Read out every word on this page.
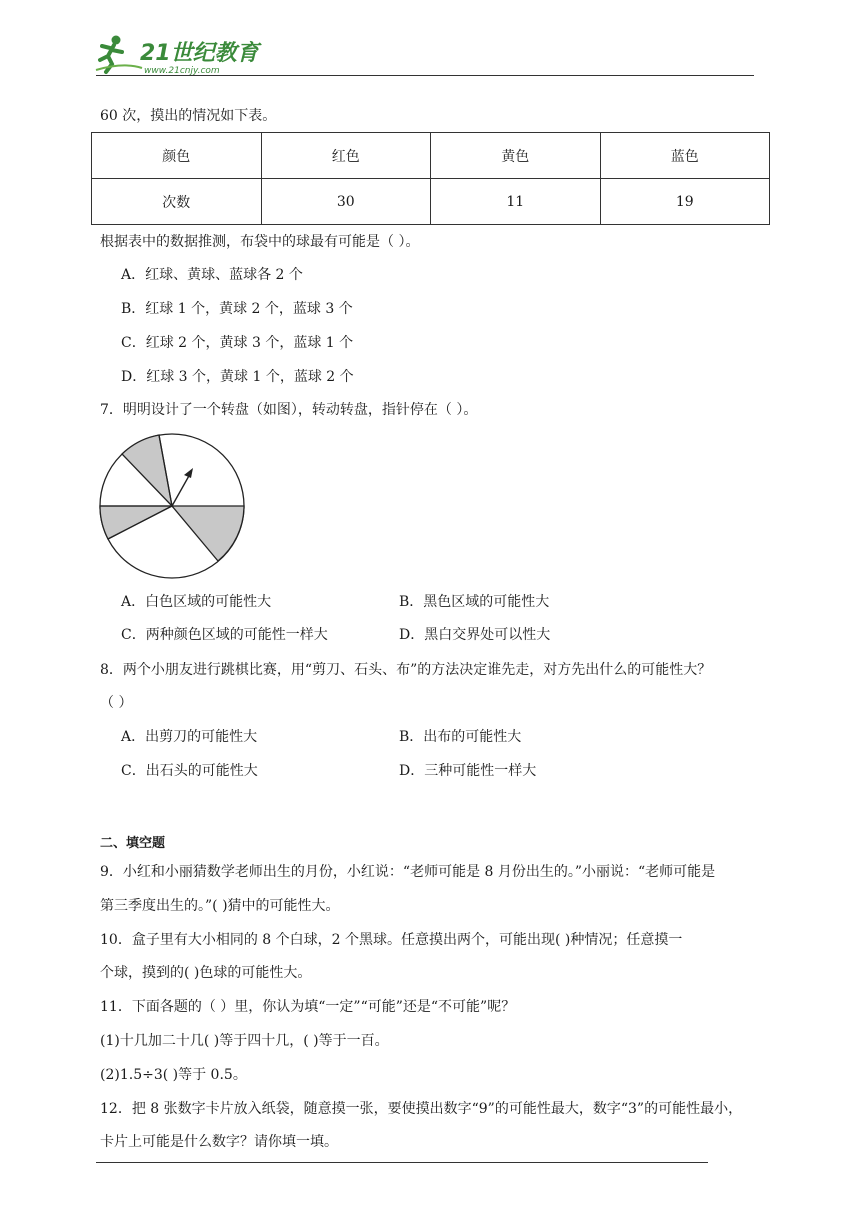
21世纪教育
www.21cnjy.com
60 次，摸出的情况如下表。
颜色	红色	黄色	蓝色
次数	30	11	19
根据表中的数据推测，布袋中的球最有可能是（ ）。
A．红球、黄球、蓝球各 2 个
B．红球 1 个，黄球 2 个，蓝球 3 个
C．红球 2 个，黄球 3 个，蓝球 1 个
D．红球 3 个，黄球 1 个，蓝球 2 个
7．明明设计了一个转盘（如图），转动转盘，指针停在（ ）。
A．白色区域的可能性大	B．黑色区域的可能性大
C．两种颜色区域的可能性一样大	D．黑白交界处可以性大
8．两个小朋友进行跳棋比赛，用“剪刀、石头、布”的方法决定谁先走，对方先出什么的可能性大？
（ ）
A．出剪刀的可能性大	B．出布的可能性大
C．出石头的可能性大	D．三种可能性一样大
二、填空题
9．小红和小丽猜数学老师出生的月份，小红说：“老师可能是 8 月份出生的。”小丽说：“老师可能是
第三季度出生的。”( )猜中的可能性大。
10．盒子里有大小相同的 8 个白球，2 个黑球。任意摸出两个，可能出现( )种情况；任意摸一
个球，摸到的( )色球的可能性大。
11．下面各题的（ ）里，你认为填“一定”“可能”还是“不可能”呢？
(1)十几加二十几( )等于四十几，( )等于一百。
(2)1.5÷3( )等于 0.5。
12．把 8 张数字卡片放入纸袋，随意摸一张，要使摸出数字“9”的可能性最大，数字“3”的可能性最小，
卡片上可能是什么数字？请你填一填。
